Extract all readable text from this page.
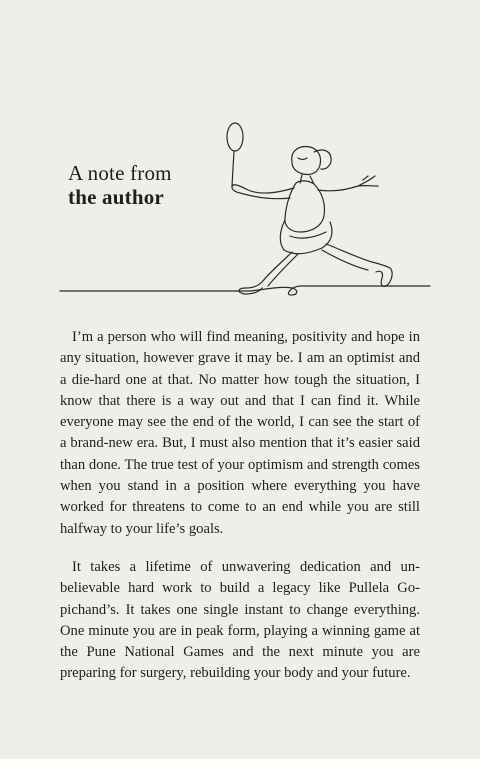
A note from
the author

I’m a person who will find meaning, positivity and hope in any situation, however grave it may be. I am an optimist and a die-hard one at that. No matter how tough the situation, I know that there is a way out and that I can find it. While everyone may see the end of the world, I can see the start of a brand-new era. But, I must also mention that it’s easier said than done. The true test of your optimism and strength comes when you stand in a position where everything you have worked for threatens to come to an end while you are still halfway to your life’s goals.

It takes a lifetime of unwavering dedication and unbelievable hard work to build a legacy like Pullela Gopichand’s. It takes one single instant to change everything. One minute you are in peak form, playing a winning game at the Pune National Games and the next minute you are preparing for surgery, rebuilding your body and your future.
